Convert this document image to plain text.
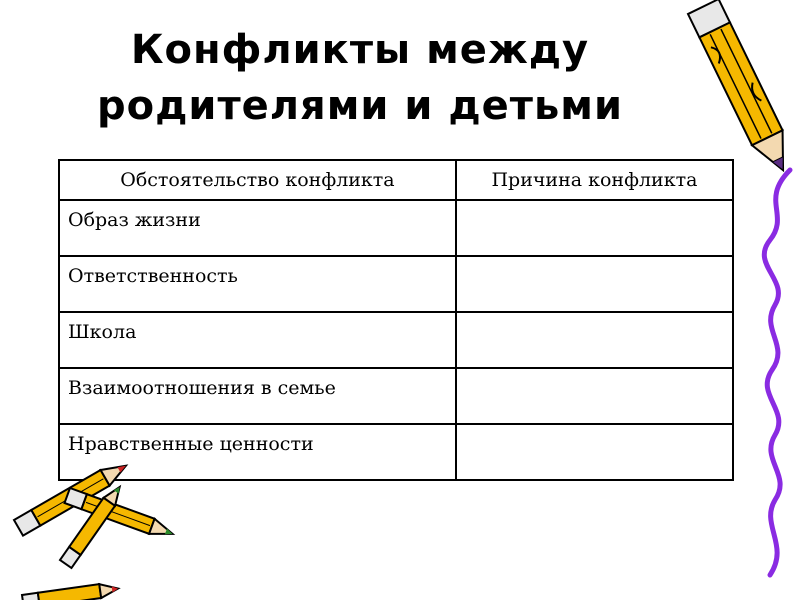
Конфликты между
родителями и детьми
Обстоятельство конфликта	Причина конфликта
Образ жизни	
Ответственность	
Школа	
Взаимоотношения в семье	
Нравственные ценности	
